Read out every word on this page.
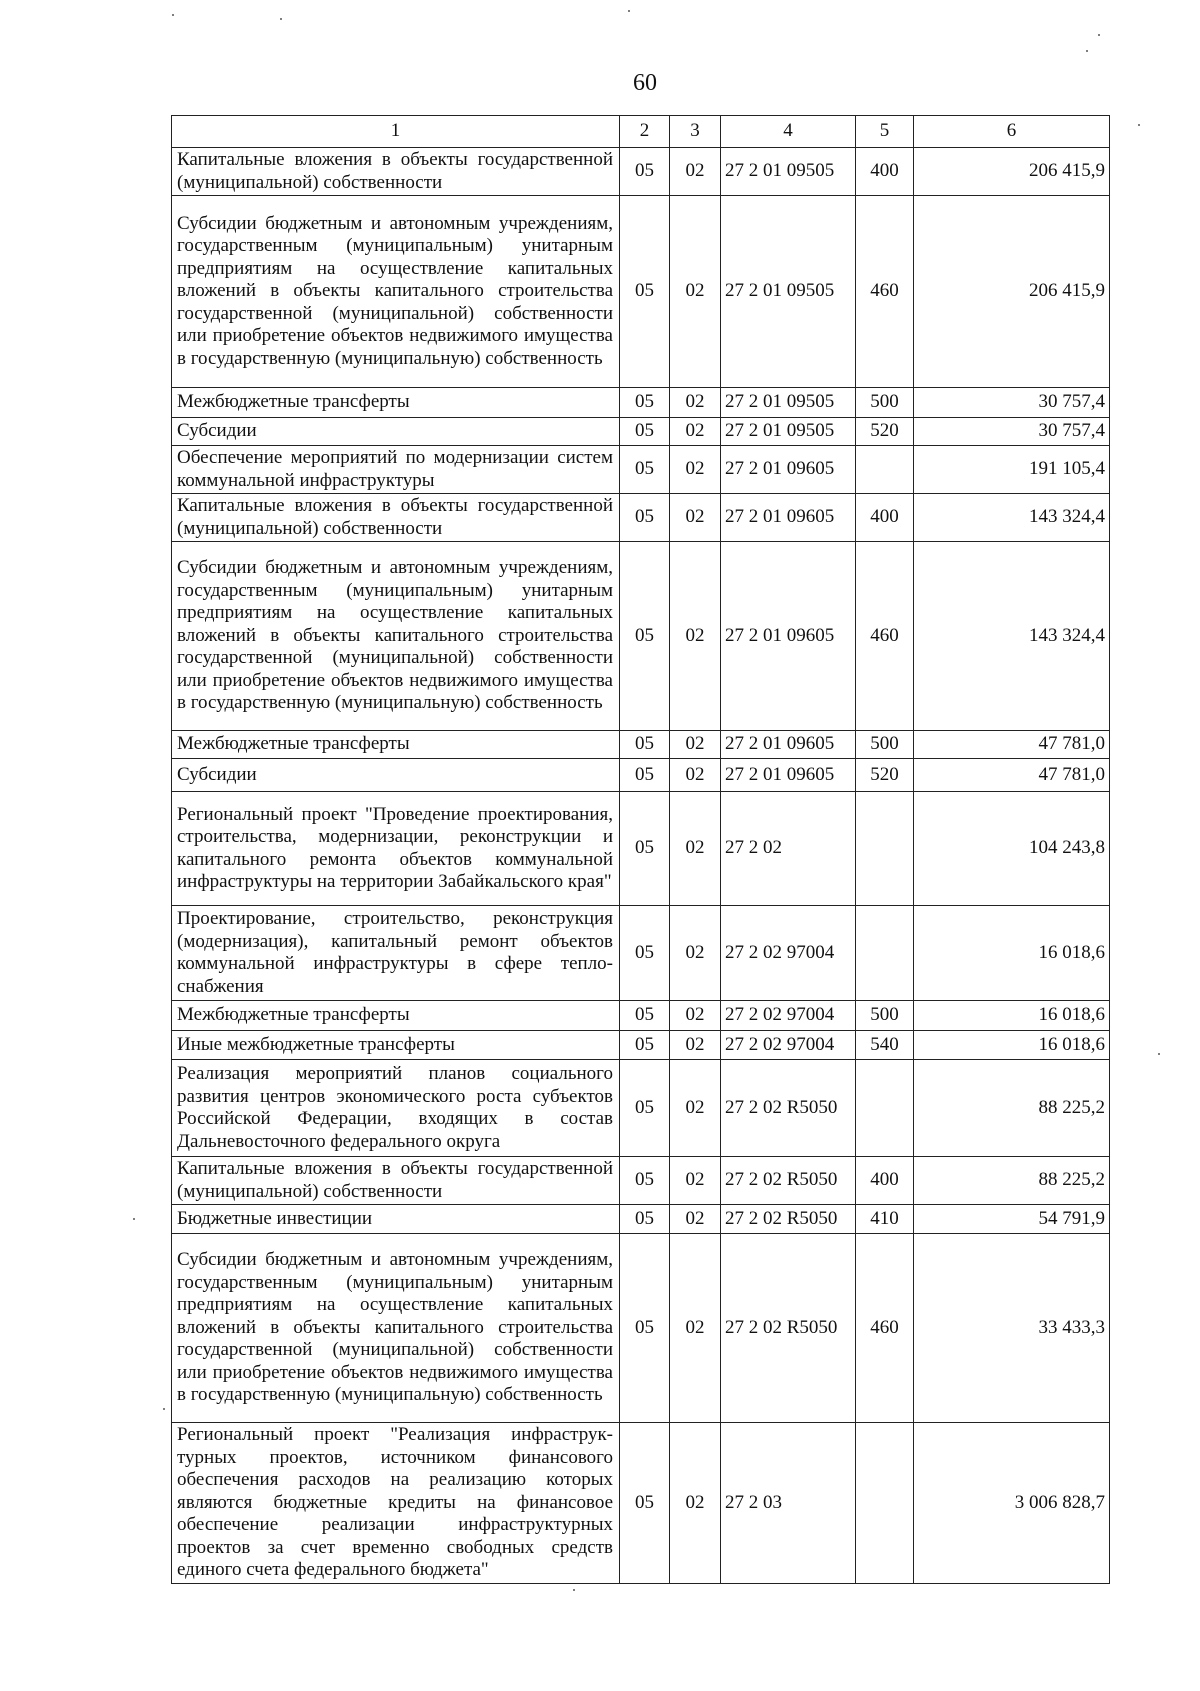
60
1	2	3	4	5	6
Капитальные вложения в объекты государственной (муниципальной) собственности	05	02	27 2 01 09505	400	206 415,9
Субсидии бюджетным и автономным учреждениям, государственным (муниципальным) унитарным предприятиям на осуществление капитальных вложений в объекты капитального строительства государственной (муниципальной) собственности или приобретение объектов недвижимого имущества в государственную (муниципальную) собственность	05	02	27 2 01 09505	460	206 415,9
Межбюджетные трансферты	05	02	27 2 01 09505	500	30 757,4
Субсидии	05	02	27 2 01 09505	520	30 757,4
Обеспечение мероприятий по модернизации систем коммунальной инфраструктуры	05	02	27 2 01 09605		191 105,4
Капитальные вложения в объекты государственной (муниципальной) собственности	05	02	27 2 01 09605	400	143 324,4
Субсидии бюджетным и автономным учреждениям, государственным (муниципальным) унитарным предприятиям на осуществление капитальных вложений в объекты капитального строительства государственной (муниципальной) собственности или приобретение объектов недвижимого имущества в государственную (муниципальную) собственность	05	02	27 2 01 09605	460	143 324,4
Межбюджетные трансферты	05	02	27 2 01 09605	500	47 781,0
Субсидии	05	02	27 2 01 09605	520	47 781,0
Региональный проект "Проведение проектирования, строительства, модернизации, реконструкции и капитального ремонта объектов коммунальной инфраструктуры на территории Забайкальского края"	05	02	27 2 02		104 243,8
Проектирование, строительство, реконструкция (модернизация), капитальный ремонт объектов коммунальной инфраструктуры в сфере теплоснабжения	05	02	27 2 02 97004		16 018,6
Межбюджетные трансферты	05	02	27 2 02 97004	500	16 018,6
Иные межбюджетные трансферты	05	02	27 2 02 97004	540	16 018,6
Реализация мероприятий планов социального развития центров экономического роста субъектов Российской Федерации, входящих в состав Дальневосточного федерального округа	05	02	27 2 02 R5050		88 225,2
Капитальные вложения в объекты государственной (муниципальной) собственности	05	02	27 2 02 R5050	400	88 225,2
Бюджетные инвестиции	05	02	27 2 02 R5050	410	54 791,9
Субсидии бюджетным и автономным учреждениям, государственным (муниципальным) унитарным предприятиям на осуществление капитальных вложений в объекты капитального строительства государственной (муниципальной) собственности или приобретение объектов недвижимого имущества в государственную (муниципальную) собственность	05	02	27 2 02 R5050	460	33 433,3
Региональный проект "Реализация инфраструктурных проектов, источником финансового обеспечения расходов на реализацию которых являются бюджетные кредиты на финансовое обеспечение реализации инфраструктурных проектов за счет временно свободных средств единого счета федерального бюджета"	05	02	27 2 03		3 006 828,7
